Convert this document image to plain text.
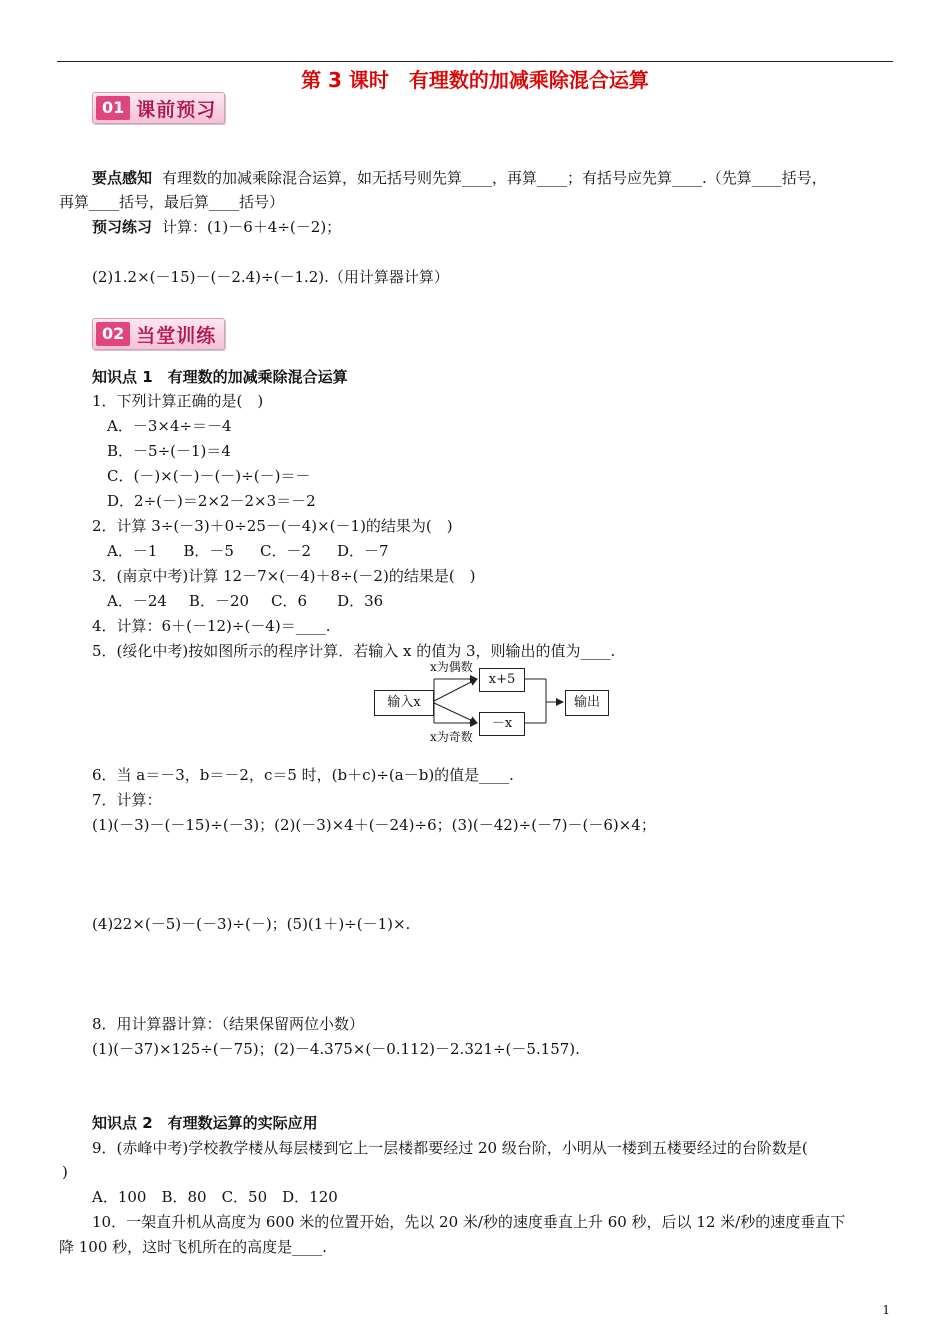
第 3 课时　有理数的加减乘除混合运算
01 课前预习
要点感知 有理数的加减乘除混合运算，如无括号则先算____，再算____；有括号应先算____.（先算____括号，
再算____括号，最后算____括号）
预习练习 计算：(1)－6＋4÷(－2)；
(2)1.2×(－15)－(－2.4)÷(－1.2).（用计算器计算）
02 当堂训练
知识点 1　有理数的加减乘除混合运算
1．下列计算正确的是(　)
A．－3×4÷＝－4
B．－5÷(－1)＝4
C．(－)×(－)－(－)÷(－)＝－
D．2÷(－)＝2×2－2×3＝－2
2．计算 3÷(－3)＋0÷25－(－4)×(－1)的结果为(　)
A．－1 B．－5 C．－2 D．－7
3．(南京中考)计算 12－7×(－4)＋8÷(－2)的结果是(　)
A．－24 B．－20 C．6 D．36
4．计算：6＋(－12)÷(－4)＝____.
5．(绥化中考)按如图所示的程序计算．若输入 x 的值为 3，则输出的值为____.
输入x
x+5
－x
输出
x为偶数
x为奇数
6．当 a＝－3，b＝－2，c＝5 时，(b＋c)÷(a－b)的值是____.
7．计算：
(1)(－3)－(－15)÷(－3)；(2)(－3)×4＋(－24)÷6；(3)(－42)÷(－7)－(－6)×4；
(4)22×(－5)－(－3)÷(－)；(5)(1＋)÷(－1)×.
8．用计算器计算：（结果保留两位小数）
(1)(－37)×125÷(－75)；(2)－4.375×(－0.112)－2.321÷(－5.157).
知识点 2　有理数运算的实际应用
9．(赤峰中考)学校教学楼从每层楼到它上一层楼都要经过 20 级台阶，小明从一楼到五楼要经过的台阶数是(
)
A．100　B．80　C．50　D．120
10．一架直升机从高度为 600 米的位置开始，先以 20 米/秒的速度垂直上升 60 秒，后以 12 米/秒的速度垂直下
降 100 秒，这时飞机所在的高度是____.
1
